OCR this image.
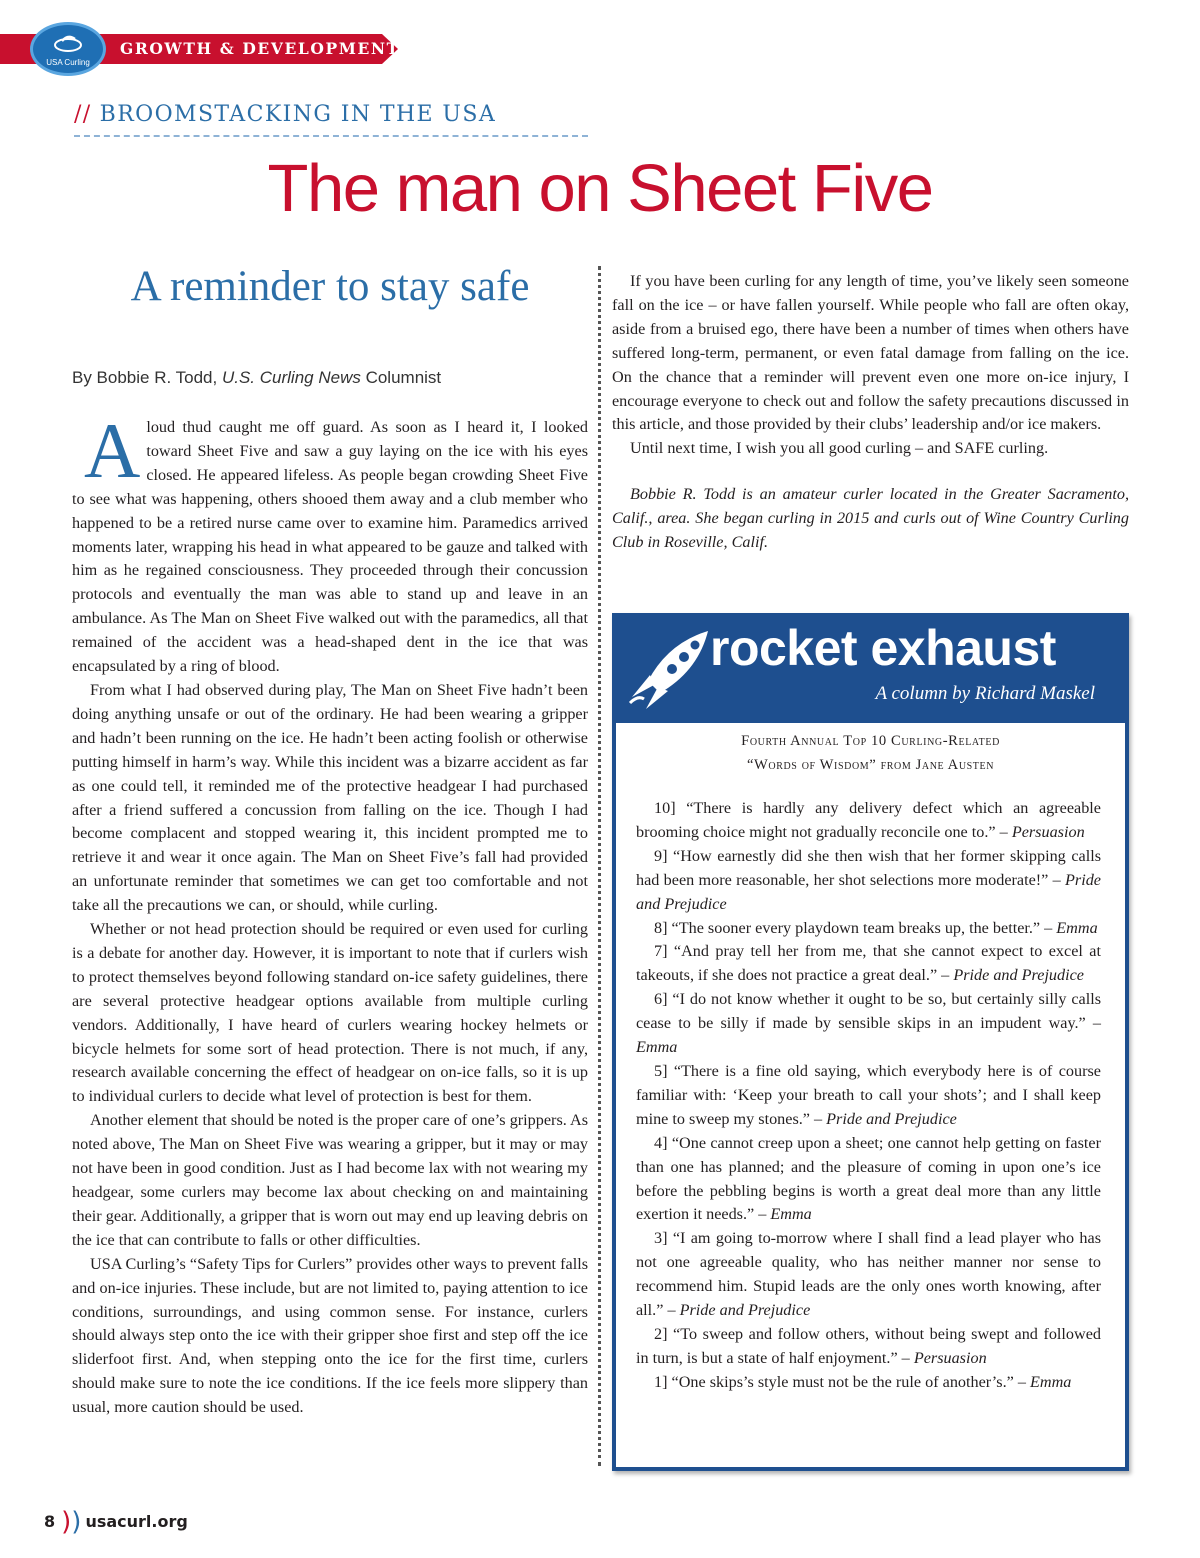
GROWTH & DEVELOPMENT
USA Curling
// BROOMSTACKING IN THE USA
The man on Sheet Five
A reminder to stay safe
By Bobbie R. Todd, U.S. Curling News Columnist

Aloud thud caught me off guard. As soon as I heard it, I looked toward Sheet Five and saw a guy laying on the ice with his eyes closed. He appeared lifeless. As people began crowding Sheet Five to see what was happening, others shooed them away and a club member who happened to be a retired nurse came over to examine him. Paramedics arrived moments later, wrapping his head in what appeared to be gauze and talked with him as he regained consciousness. They proceeded through their concussion protocols and eventually the man was able to stand up and leave in an ambulance. As The Man on Sheet Five walked out with the paramedics, all that remained of the accident was a head-shaped dent in the ice that was encapsulated by a ring of blood.

From what I had observed during play, The Man on Sheet Five hadn’t been doing anything unsafe or out of the ordinary. He had been wearing a gripper and hadn’t been running on the ice. He hadn’t been acting foolish or otherwise putting himself in harm’s way. While this incident was a bizarre accident as far as one could tell, it reminded me of the protective headgear I had purchased after a friend suffered a concussion from falling on the ice. Though I had become complacent and stopped wearing it, this incident prompted me to retrieve it and wear it once again. The Man on Sheet Five’s fall had provided an unfortunate reminder that sometimes we can get too comfortable and not take all the precautions we can, or should, while curling.

Whether or not head protection should be required or even used for curling is a debate for another day. However, it is important to note that if curlers wish to protect themselves beyond following standard on-ice safety guidelines, there are several protective headgear options available from multiple curling vendors. Additionally, I have heard of curlers wearing hockey helmets or bicycle helmets for some sort of head protection. There is not much, if any, research available concerning the effect of headgear on on-ice falls, so it is up to individual curlers to decide what level of protection is best for them.

Another element that should be noted is the proper care of one’s grippers. As noted above, The Man on Sheet Five was wearing a gripper, but it may or may not have been in good condition. Just as I had become lax with not wearing my headgear, some curlers may become lax about checking on and maintaining their gear. Additionally, a gripper that is worn out may end up leaving debris on the ice that can contribute to falls or other difficulties.

USA Curling’s “Safety Tips for Curlers” provides other ways to prevent falls and on-ice injuries. These include, but are not limited to, paying attention to ice conditions, surroundings, and using common sense. For instance, curlers should always step onto the ice with their gripper shoe first and step off the ice sliderfoot first. And, when stepping onto the ice for the first time, curlers should make sure to note the ice conditions. If the ice feels more slippery than usual, more caution should be used.

If you have been curling for any length of time, you’ve likely seen someone fall on the ice – or have fallen yourself. While people who fall are often okay, aside from a bruised ego, there have been a number of times when others have suffered long-term, permanent, or even fatal damage from falling on the ice. On the chance that a reminder will prevent even one more on-ice injury, I encourage everyone to check out and follow the safety precautions discussed in this article, and those provided by their clubs’ leadership and/or ice makers.

Until next time, I wish you all good curling – and SAFE curling.

Bobbie R. Todd is an amateur curler located in the Greater Sacramento, Calif., area. She began curling in 2015 and curls out of Wine Country Curling Club in Roseville, Calif.

rocket exhaust
A column by Richard Maskel
Fourth Annual Top 10 Curling-Related
“Words of Wisdom” from Jane Austen

10] “There is hardly any delivery defect which an agreeable brooming choice might not gradually reconcile one to.” – Persuasion

9] “How earnestly did she then wish that her former skipping calls had been more reasonable, her shot selections more moderate!” – Pride and Prejudice

8] “The sooner every playdown team breaks up, the better.” – Emma

7] “And pray tell her from me, that she cannot expect to excel at takeouts, if she does not practice a great deal.” – Pride and Prejudice

6] “I do not know whether it ought to be so, but certainly silly calls cease to be silly if made by sensible skips in an impudent way.” – Emma

5] “There is a fine old saying, which everybody here is of course familiar with: ‘Keep your breath to call your shots’; and I shall keep mine to sweep my stones.” – Pride and Prejudice

4] “One cannot creep upon a sheet; one cannot help getting on faster than one has planned; and the pleasure of coming in upon one’s ice before the pebbling begins is worth a great deal more than any little exertion it needs.” – Emma

3] “I am going to-morrow where I shall find a lead player who has not one agreeable quality, who has neither manner nor sense to recommend him. Stupid leads are the only ones worth knowing, after all.” – Pride and Prejudice

2] “To sweep and follow others, without being swept and followed in turn, is but a state of half enjoyment.” – Persuasion

1] “One skips’s style must not be the rule of another’s.” – Emma

8 )) usacurl.org
